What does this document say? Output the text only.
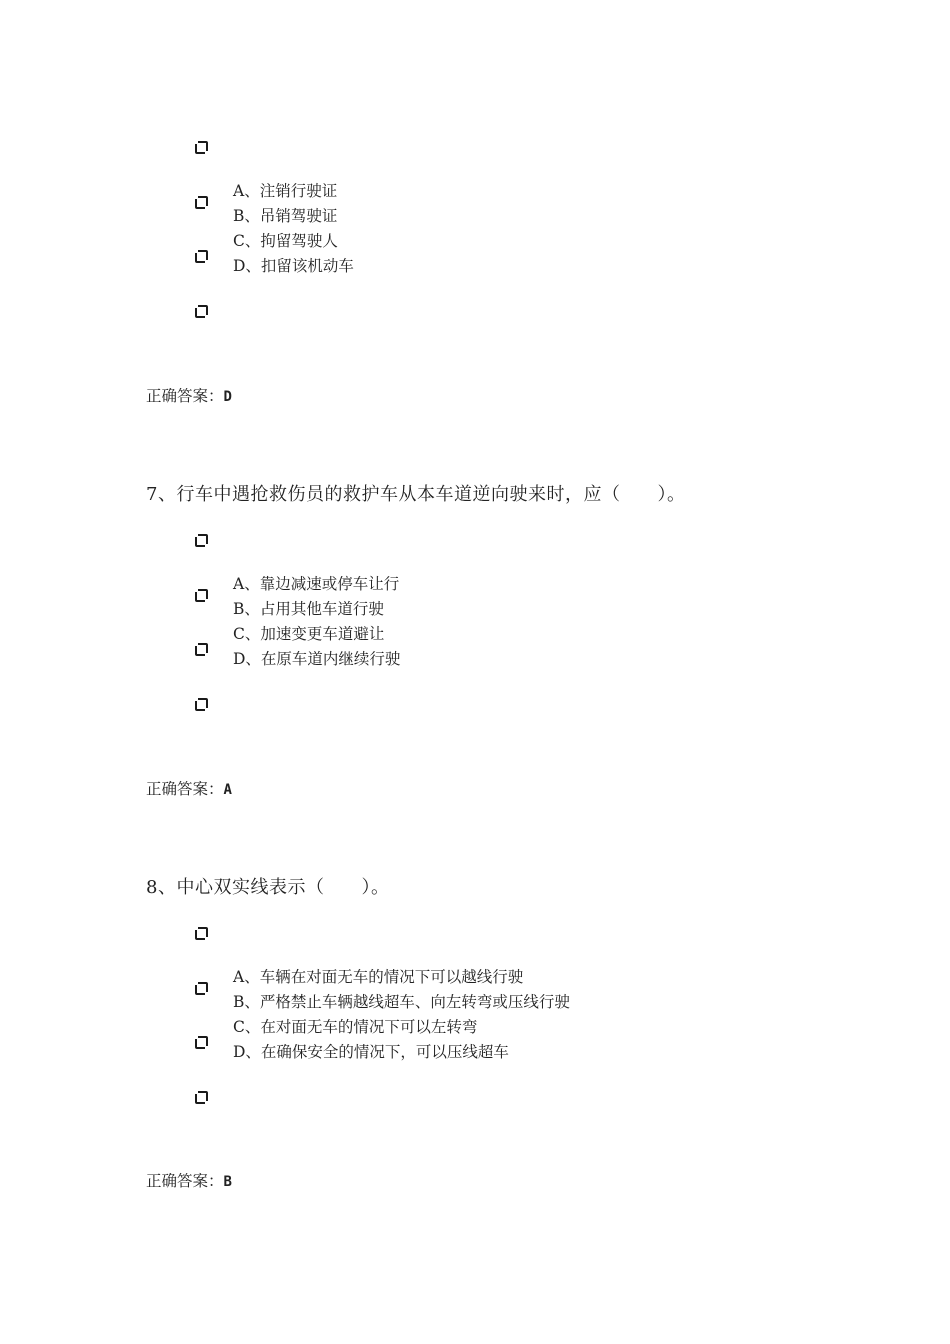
A、注销行驶证
B、吊销驾驶证
C、拘留驾驶人
D、扣留该机动车
正确答案：D
7、行车中遇抢救伤员的救护车从本车道逆向驶来时，应（　　）。
A、靠边减速或停车让行
B、占用其他车道行驶
C、加速变更车道避让
D、在原车道内继续行驶
正确答案：A
8、中心双实线表示（　　）。
A、车辆在对面无车的情况下可以越线行驶
B、严格禁止车辆越线超车、向左转弯或压线行驶
C、在对面无车的情况下可以左转弯
D、在确保安全的情况下，可以压线超车
正确答案：B
